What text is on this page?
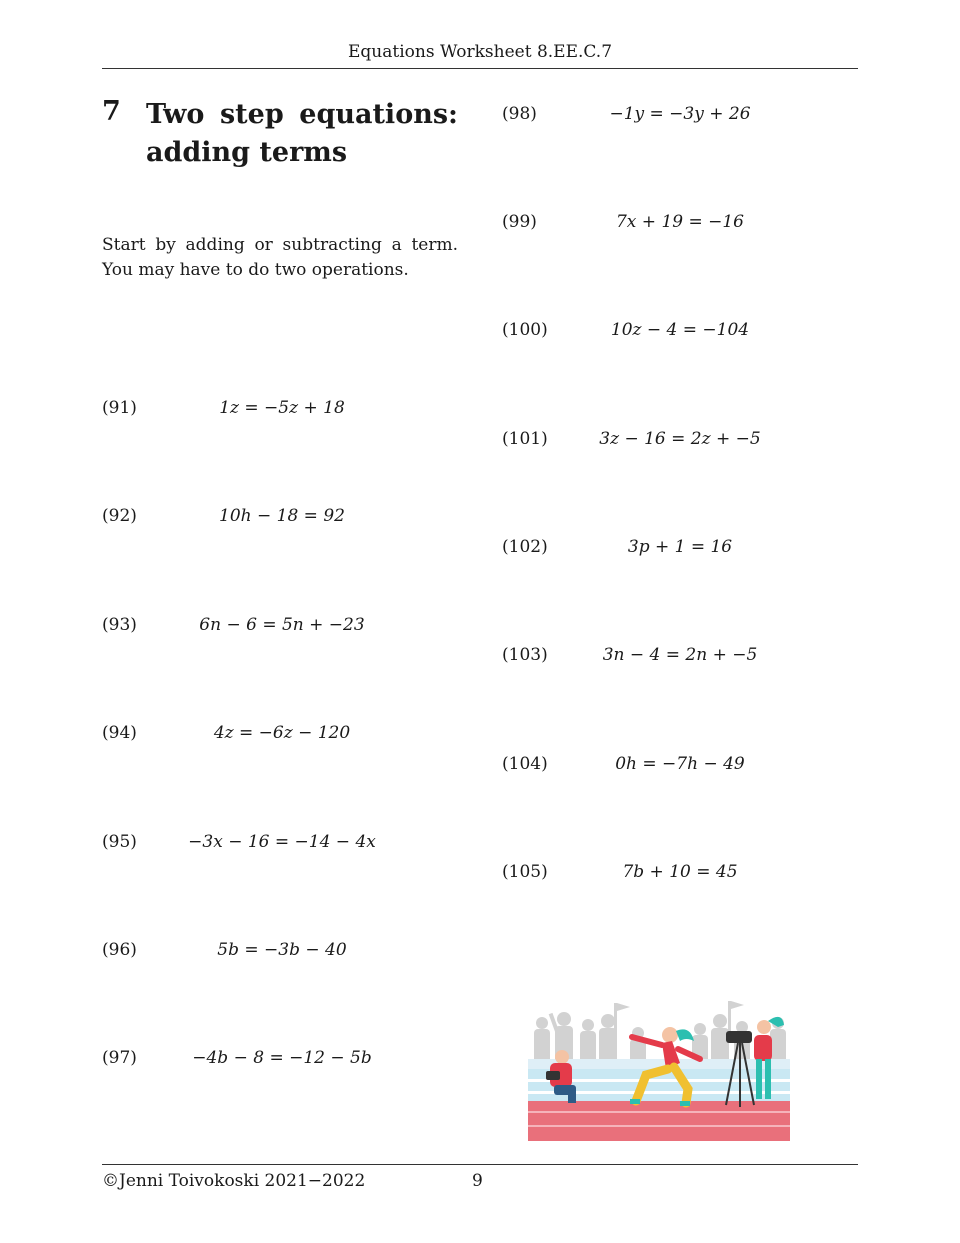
Equations Worksheet 8.EE.C.7
7 Two step equations: adding terms
Start by adding or subtracting a term. You may have to do two operations.
(91)	1z = −5z + 18
(92)	10h − 18 = 92
(93)	6n − 6 = 5n + −23
(94)	4z = −6z − 120
(95)	−3x − 16 = −14 − 4x
(96)	5b = −3b − 40
(97)	−4b − 8 = −12 − 5b
(98)	−1y = −3y + 26
(99)	7x + 19 = −16
(100)	10z − 4 = −104
(101)	3z − 16 = 2z + −5
(102)	3p + 1 = 16
(103)	3n − 4 = 2n + −5
(104)	0h = −7h − 49
(105)	7b + 10 = 45
©Jenni Toivokoski 2021−2022	9
